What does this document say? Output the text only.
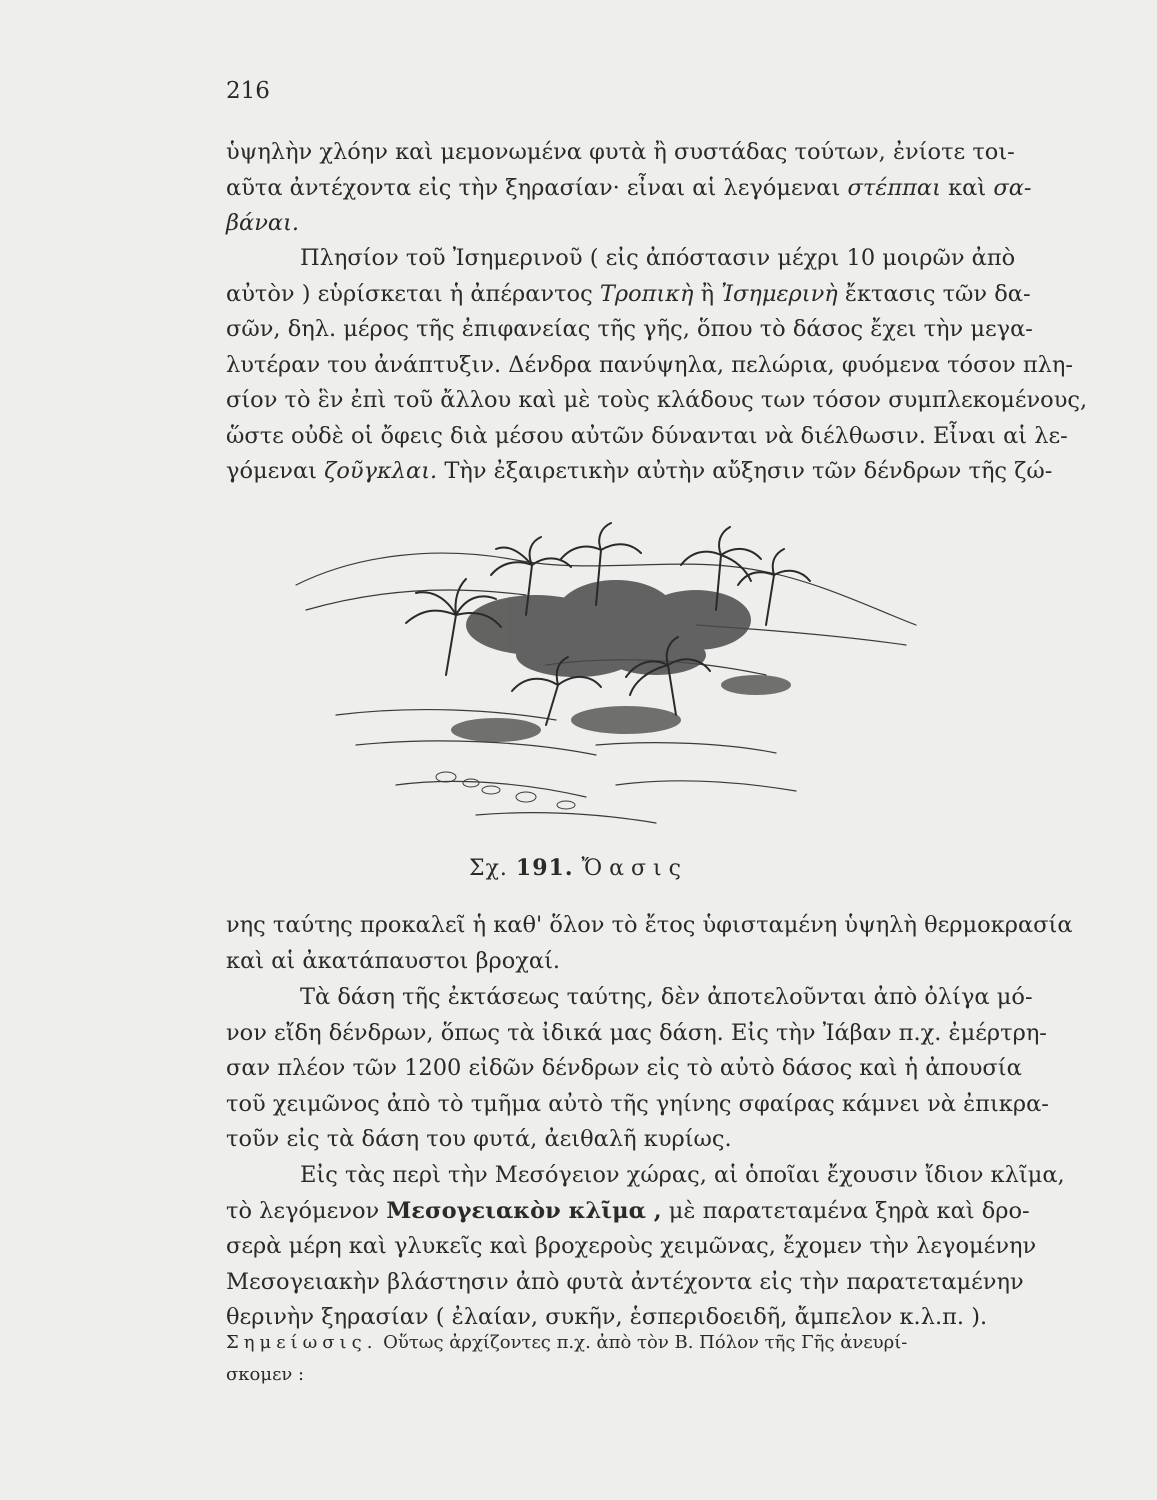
216

ὑψηλὴν χλόην καὶ μεμονωμένα φυτὰ ἢ συστάδας τούτων, ἐνίοτε τοι-
αῦτα ἀντέχοντα εἰς τὴν ξηρασίαν· εἶναι αἱ λεγόμεναι στέππαι καὶ σα-
βάναι.

Πλησίον τοῦ Ἰσημερινοῦ ( εἰς ἀπόστασιν μέχρι 10 μοιρῶν ἀπὸ
αὐτὸν ) εὑρίσκεται ἡ ἀπέραντος Τροπικὴ ἢ Ἰσημερινὴ ἔκτασις τῶν δα-
σῶν, δηλ. μέρος τῆς ἐπιφανείας τῆς γῆς, ὅπου τὸ δάσος ἔχει τὴν μεγα-
λυτέραν του ἀνάπτυξιν. Δένδρα πανύψηλα, πελώρια, φυόμενα τόσον πλη-
σίον τὸ ἓν ἐπὶ τοῦ ἄλλου καὶ μὲ τοὺς κλάδους των τόσον συμπλεκομένους,
ὥστε οὐδὲ οἱ ὄφεις διὰ μέσου αὐτῶν δύνανται νὰ διέλθωσιν. Εἶναι αἱ λε-
γόμεναι ζοῦγκλαι. Τὴν ἐξαιρετικὴν αὐτὴν αὔξησιν τῶν δένδρων τῆς ζώ-

Σχ. 191. Ὄασις

νης ταύτης προκαλεῖ ἡ καθ' ὅλον τὸ ἔτος ὑφισταμένη ὑψηλὴ θερμοκρασία
καὶ αἱ ἀκατάπαυστοι βροχαί.

Τὰ δάση τῆς ἐκτάσεως ταύτης, δὲν ἀποτελοῦνται ἀπὸ ὀλίγα μό-
νον εἴδη δένδρων, ὅπως τὰ ἰδικά μας δάση. Εἰς τὴν Ἰάβαν π.χ. ἐμέρτρη-
σαν πλέον τῶν 1200 εἰδῶν δένδρων εἰς τὸ αὐτὸ δάσος καὶ ἡ ἀπουσία
τοῦ χειμῶνος ἀπὸ τὸ τμῆμα αὐτὸ τῆς γηίνης σφαίρας κάμνει νὰ ἐπικρα-
τοῦν εἰς τὰ δάση του φυτά, ἀειθαλῆ κυρίως.

Εἰς τὰς περὶ τὴν Μεσόγειον χώρας, αἱ ὁποῖαι ἔχουσιν ἴδιον κλῖμα,
τὸ λεγόμενον Μεσογειακὸν κλῖμα , μὲ παρατεταμένα ξηρὰ καὶ δρο-
σερὰ μέρη καὶ γλυκεῖς καὶ βροχεροὺς χειμῶνας, ἔχομεν τὴν λεγομένην
Μεσογειακὴν βλάστησιν ἀπὸ φυτὰ ἀντέχοντα εἰς τὴν παρατεταμένην
θερινὴν ξηρασίαν ( ἐλαίαν, συκῆν, ἑσπεριδοειδῆ, ἄμπελον κ.λ.π. ).

Σημείωσις. Οὕτως ἀρχίζοντες π.χ. ἀπὸ τὸν Β. Πόλον τῆς Γῆς ἀνευρί-
σκομεν :
